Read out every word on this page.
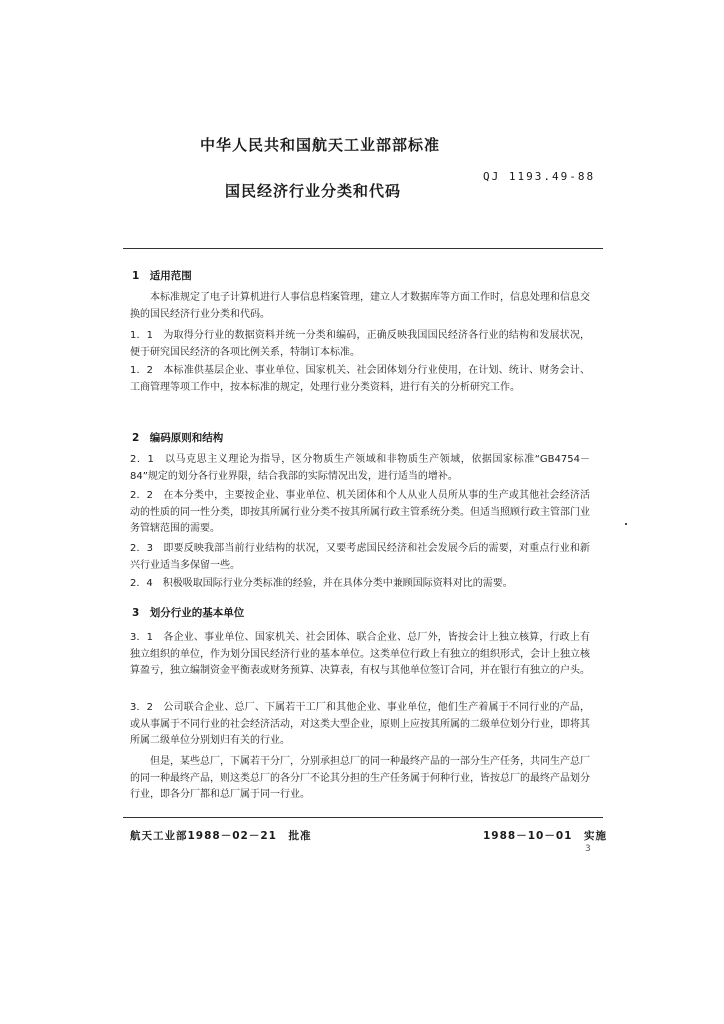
中华人民共和国航天工业部部标准
QJ 1193.49-88
国民经济行业分类和代码
1　适用范围
本标准规定了电子计算机进行人事信息档案管理，建立人才数据库等方面工作时，信息处理和信息交换的国民经济行业分类和代码。
1．1　为取得分行业的数据资料并统一分类和编码，正确反映我国国民经济各行业的结构和发展状况，便于研究国民经济的各项比例关系，特制订本标准。
1．2　本标准供基层企业、事业单位、国家机关、社会团体划分行业使用，在计划、统计、财务会计、工商管理等项工作中，按本标准的规定，处理行业分类资料，进行有关的分析研究工作。
2　编码原则和结构
2．1　以马克思主义理论为指导，区分物质生产领域和非物质生产领域，依据国家标准“GB4754－84”规定的划分各行业界限，结合我部的实际情况出发，进行适当的增补。
2．2　在本分类中，主要按企业、事业单位、机关团体和个人从业人员所从事的生产或其他社会经济活动的性质的同一性分类，即按其所属行业分类不按其所属行政主管系统分类。但适当照顾行政主管部门业务管辖范围的需要。
2．3　即要反映我部当前行业结构的状况，又要考虑国民经济和社会发展今后的需要，对重点行业和新兴行业适当多保留一些。
2．4　积极吸取国际行业分类标准的经验，并在具体分类中兼顾国际资料对比的需要。
3　划分行业的基本单位
3．1　各企业、事业单位、国家机关、社会团体、联合企业、总厂外，皆按会计上独立核算，行政上有独立组织的单位，作为划分国民经济行业的基本单位。这类单位行政上有独立的组织形式，会计上独立核算盈亏，独立编制资金平衡表或财务预算、决算表，有权与其他单位签订合同，并在银行有独立的户头。
3．2　公司联合企业、总厂、下属若干工厂和其他企业、事业单位，他们生产着属于不同行业的产品，或从事属于不同行业的社会经济活动，对这类大型企业，原则上应按其所属的二级单位划分行业，即将其所属二级单位分别划归有关的行业。
但是，某些总厂，下属若干分厂，分别承担总厂的同一种最终产品的一部分生产任务，共同生产总厂的同一种最终产品，则这类总厂的各分厂不论其分担的生产任务属于何种行业，皆按总厂的最终产品划分行业，即各分厂都和总厂属于同一行业。
航天工业部1988－02－21　批准	1988－10－01　实施
3
